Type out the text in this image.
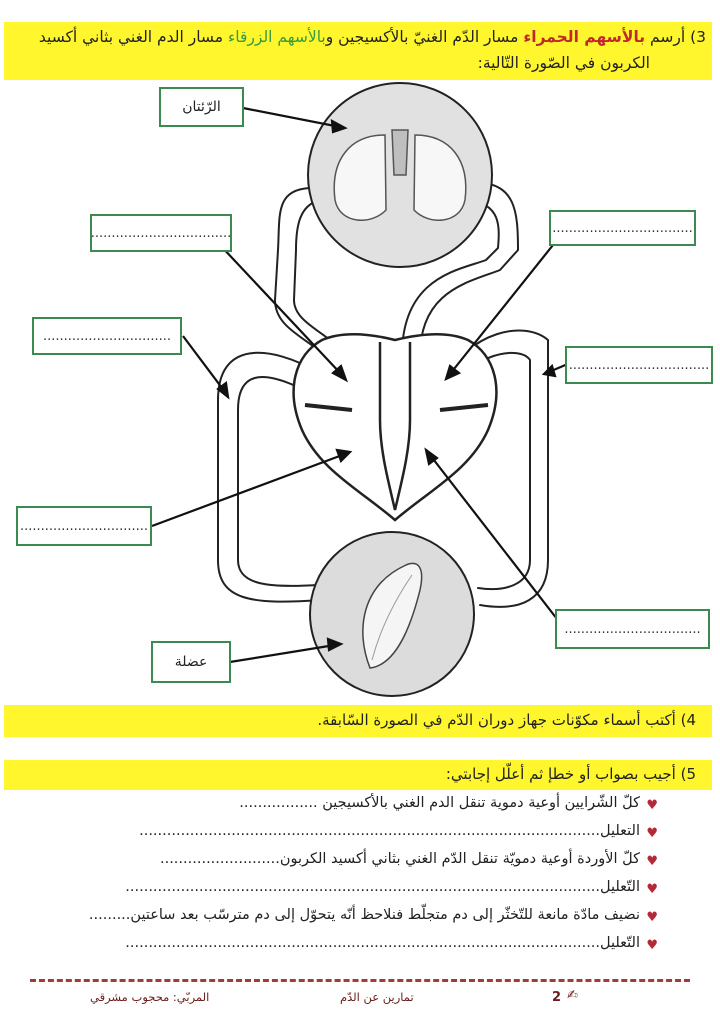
3) أرسم بالأسهم الحمراء مسار الدّم الغنيّ بالأكسيجين وبالأسهم الزرقاء مسار الدم الغني بثاني أكسيد
الكربون في الصّورة التّالية:
الرّئتان
..................................	..................................
...............................
..................................
...............................
.................................
عضلة
4) أكتب أسماء مكوّنات جهاز دوران الدّم في الصورة السّابقة.
5) أجيب بصواب أو خطإ ثم أعلّل إجابتي:
♥
كلّ الشّرايين أوعية دموية تنقل الدم الغني بالأكسيجين .................
♥
التعليل....................................................................................................
♥
كلّ الأوردة أوعية دمويّة تنقل الدّم الغني بثاني أكسيد الكربون..........................
♥
التّعليل.......................................................................................................
♥
نضيف مادّة مانعة للتّخثّر إلى دم متجلّط فنلاحظ أنّه يتحوّل إلى دم مترسّب بعد ساعتين.........
♥
التّعليل.......................................................................................................
2 ✍
تمارين عن الدّم
المربّي: محجوب مشرقي
